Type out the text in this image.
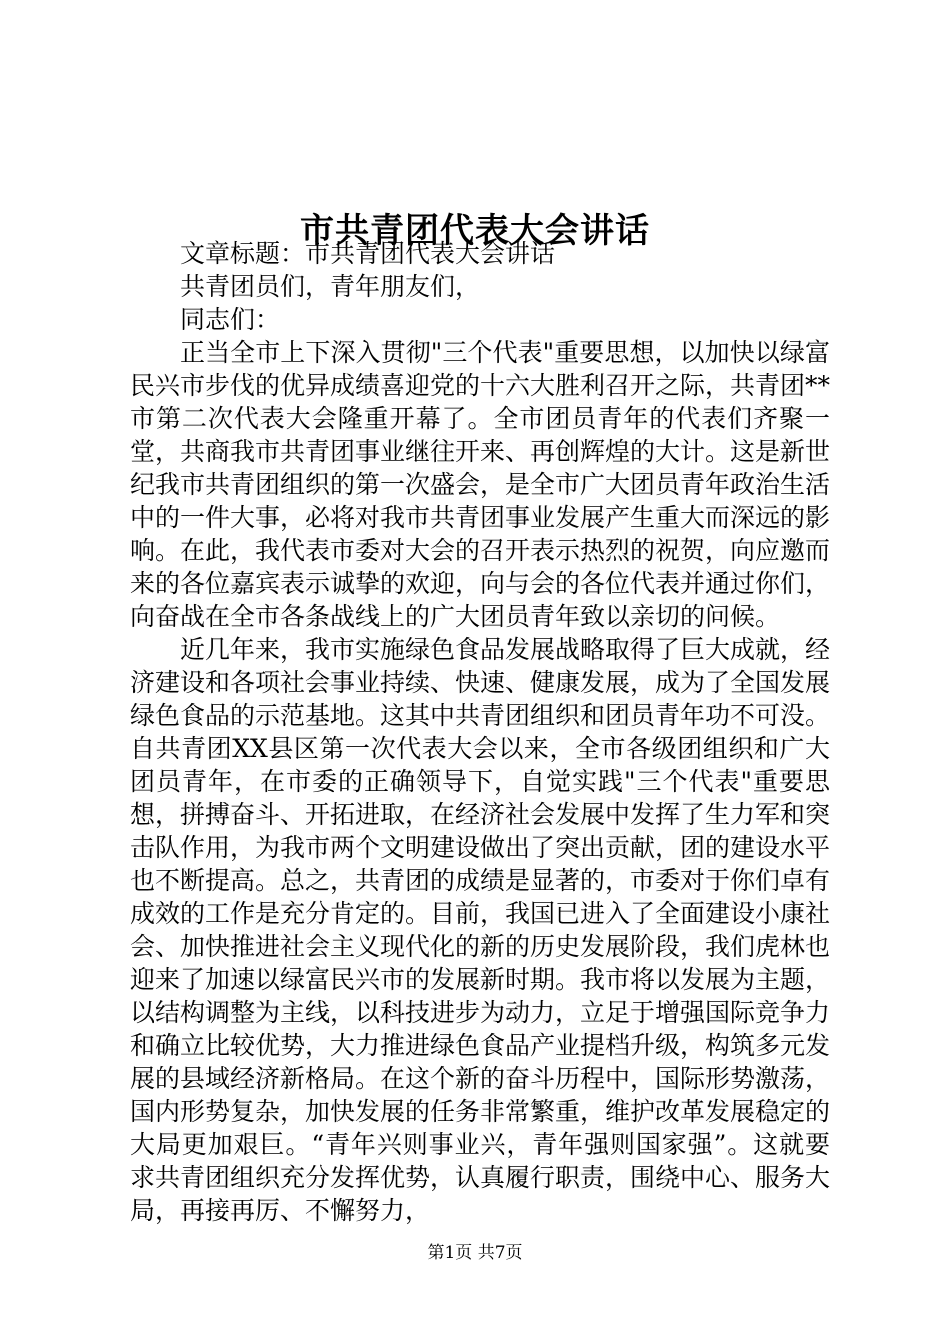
市共青团代表大会讲话

文章标题：市共青团代表大会讲话

共青团员们，青年朋友们，

同志们：

正当全市上下深入贯彻"三个代表"重要思想，以加快以绿富民兴市步伐的优异成绩喜迎党的十六大胜利召开之际，共青团**市第二次代表大会隆重开幕了。全市团员青年的代表们齐聚一堂，共商我市共青团事业继往开来、再创辉煌的大计。这是新世纪我市共青团组织的第一次盛会，是全市广大团员青年政治生活中的一件大事，必将对我市共青团事业发展产生重大而深远的影响。在此，我代表市委对大会的召开表示热烈的祝贺，向应邀而来的各位嘉宾表示诚挚的欢迎，向与会的各位代表并通过你们，向奋战在全市各条战线上的广大团员青年致以亲切的问候。

近几年来，我市实施绿色食品发展战略取得了巨大成就，经济建设和各项社会事业持续、快速、健康发展，成为了全国发展绿色食品的示范基地。这其中共青团组织和团员青年功不可没。自共青团XX县区第一次代表大会以来，全市各级团组织和广大团员青年，在市委的正确领导下，自觉实践"三个代表"重要思想，拼搏奋斗、开拓进取，在经济社会发展中发挥了生力军和突击队作用，为我市两个文明建设做出了突出贡献，团的建设水平也不断提高。总之，共青团的成绩是显著的，市委对于你们卓有成效的工作是充分肯定的。目前，我国已进入了全面建设小康社会、加快推进社会主义现代化的新的历史发展阶段，我们虎林也迎来了加速以绿富民兴市的发展新时期。我市将以发展为主题，以结构调整为主线，以科技进步为动力，立足于增强国际竞争力和确立比较优势，大力推进绿色食品产业提档升级，构筑多元发展的县域经济新格局。在这个新的奋斗历程中，国际形势激荡，国内形势复杂，加快发展的任务非常繁重，维护改革发展稳定的大局更加艰巨。“青年兴则事业兴，青年强则国家强”。这就要求共青团组织充分发挥优势，认真履行职责，围绕中心、服务大局，再接再厉、不懈努力，

第1页 共7页
